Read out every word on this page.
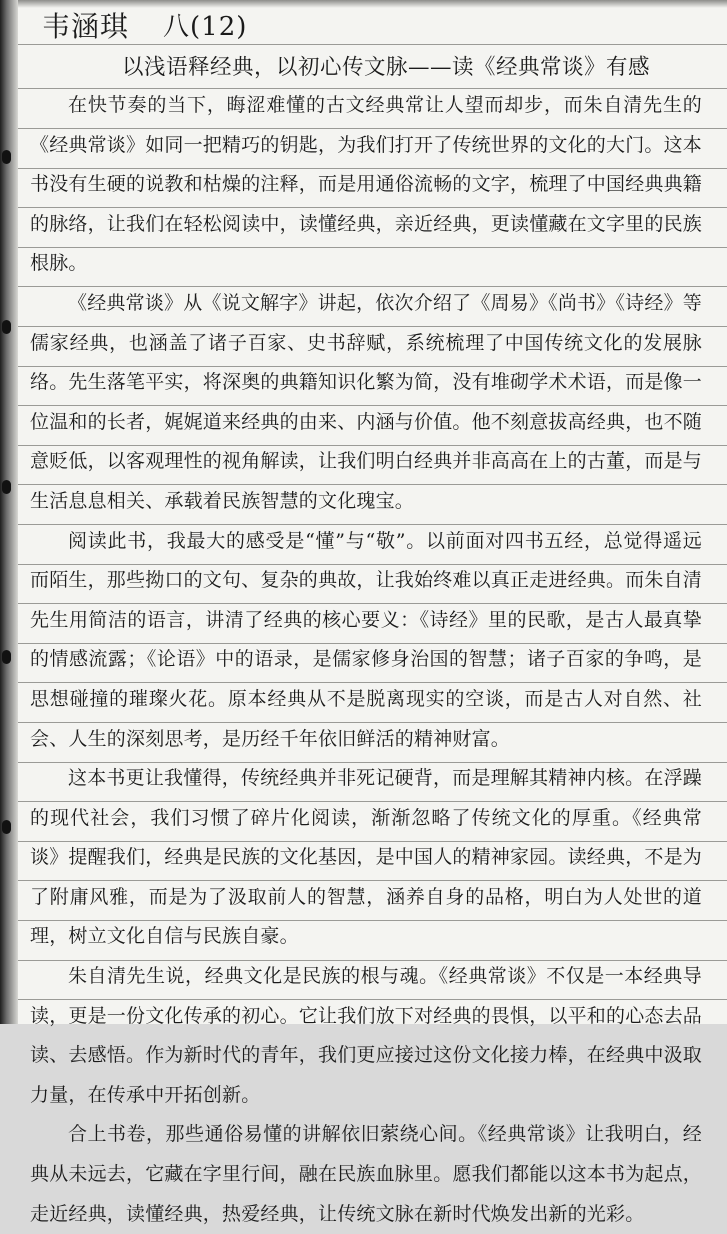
韦涵琪 八(12)
以浅语释经典，以初心传文脉——读《经典常谈》有感

在快节奏的当下，晦涩难懂的古文经典常让人望而却步，而朱自清先生的《经典常谈》如同一把精巧的钥匙，为我们打开了传统世界的文化的大门。这本书没有生硬的说教和枯燥的注释，而是用通俗流畅的文字，梳理了中国经典典籍的脉络，让我们在轻松阅读中，读懂经典，亲近经典，更读懂藏在文字里的民族根脉。

《经典常谈》从《说文解字》讲起，依次介绍了《周易》《尚书》《诗经》等儒家经典，也涵盖了诸子百家、史书辞赋，系统梳理了中国传统文化的发展脉络。先生落笔平实，将深奥的典籍知识化繁为简，没有堆砌学术术语，而是像一位温和的长者，娓娓道来经典的由来、内涵与价值。他不刻意拔高经典，也不随意贬低，以客观理性的视角解读，让我们明白经典并非高高在上的古董，而是与生活息息相关、承载着民族智慧的文化瑰宝。

阅读此书，我最大的感受是“懂”与“敬”。以前面对四书五经，总觉得遥远而陌生，那些拗口的文句、复杂的典故，让我始终难以真正走进经典。而朱自清先生用简洁的语言，讲清了经典的核心要义：《诗经》里的民歌，是古人最真挚的情感流露；《论语》中的语录，是儒家修身治国的智慧；诸子百家的争鸣，是思想碰撞的璀璨火花。原本经典从不是脱离现实的空谈，而是古人对自然、社会、人生的深刻思考，是历经千年依旧鲜活的精神财富。

这本书更让我懂得，传统经典并非死记硬背，而是理解其精神内核。在浮躁的现代社会，我们习惯了碎片化阅读，渐渐忽略了传统文化的厚重。《经典常谈》提醒我们，经典是民族的文化基因，是中国人的精神家园。读经典，不是为了附庸风雅，而是为了汲取前人的智慧，涵养自身的品格，明白为人处世的道理，树立文化自信与民族自豪。

朱自清先生说，经典文化是民族的根与魂。《经典常谈》不仅是一本经典导读，更是一份文化传承的初心。它让我们放下对经典的畏惧，以平和的心态去品读、去感悟。作为新时代的青年，我们更应接过这份文化接力棒，在经典中汲取力量，在传承中开拓创新。

合上书卷，那些通俗易懂的讲解依旧萦绕心间。《经典常谈》让我明白，经典从未远去，它藏在字里行间，融在民族血脉里。愿我们都能以这本书为起点，走近经典，读懂经典，热爱经典，让传统文脉在新时代焕发出新的光彩。
